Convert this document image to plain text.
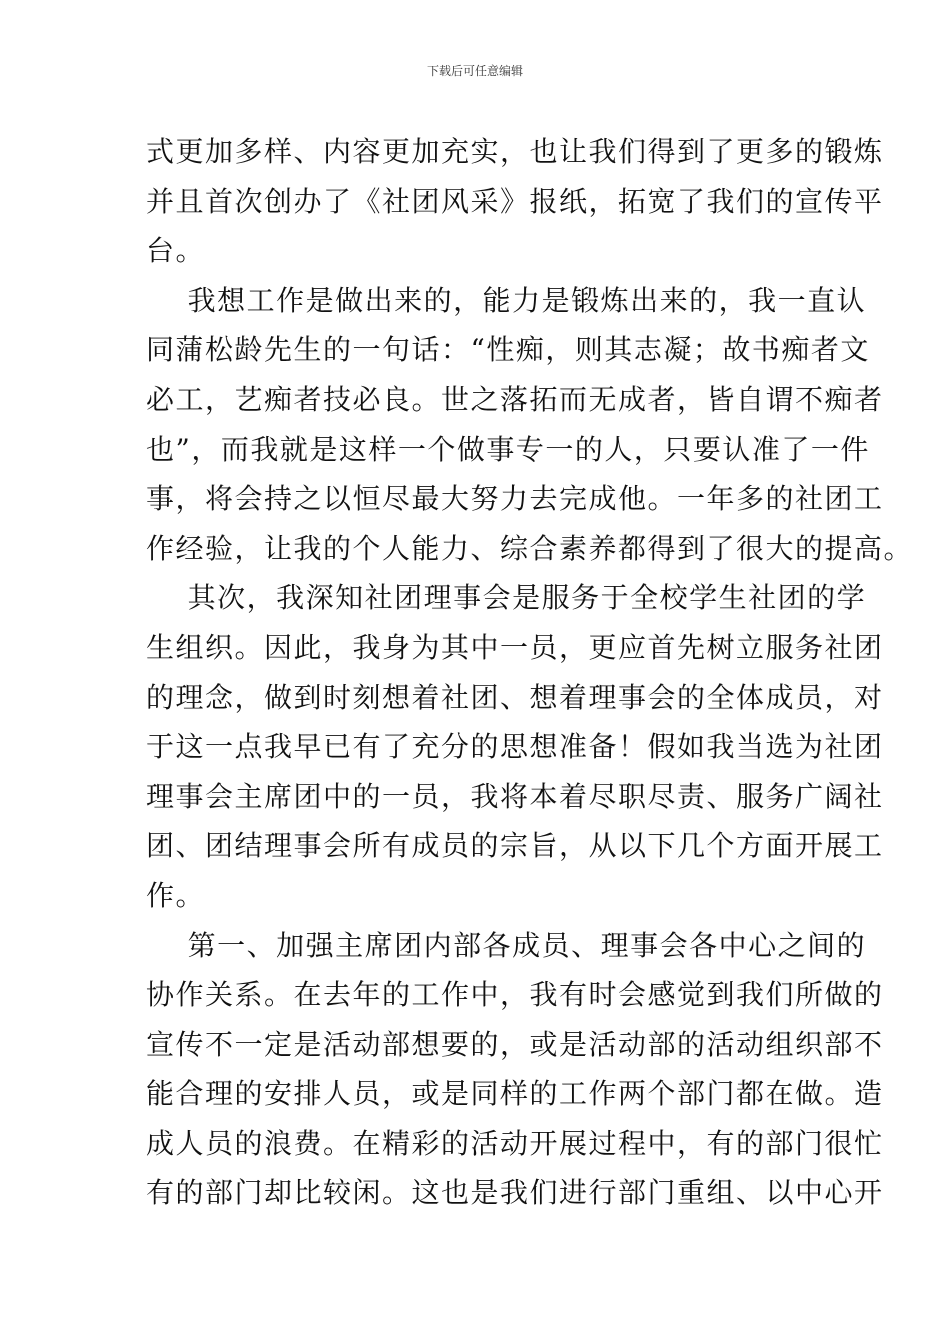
下载后可任意编辑
式更加多样、内容更加充实，也让我们得到了更多的锻炼
并且首次创办了《社团风采》报纸，拓宽了我们的宣传平
台。
我想工作是做出来的，能力是锻炼出来的，我一直认
同蒲松龄先生的一句话：“性痴，则其志凝；故书痴者文
必工，艺痴者技必良。世之落拓而无成者，皆自谓不痴者
也”，而我就是这样一个做事专一的人，只要认准了一件
事，将会持之以恒尽最大努力去完成他。一年多的社团工
作经验，让我的个人能力、综合素养都得到了很大的提高。
其次，我深知社团理事会是服务于全校学生社团的学
生组织。因此，我身为其中一员，更应首先树立服务社团
的理念，做到时刻想着社团、想着理事会的全体成员，对
于这一点我早已有了充分的思想准备！假如我当选为社团
理事会主席团中的一员，我将本着尽职尽责、服务广阔社
团、团结理事会所有成员的宗旨，从以下几个方面开展工
作。
第一、加强主席团内部各成员、理事会各中心之间的
协作关系。在去年的工作中，我有时会感觉到我们所做的
宣传不一定是活动部想要的，或是活动部的活动组织部不
能合理的安排人员，或是同样的工作两个部门都在做。造
成人员的浪费。在精彩的活动开展过程中，有的部门很忙
有的部门却比较闲。这也是我们进行部门重组、以中心开
